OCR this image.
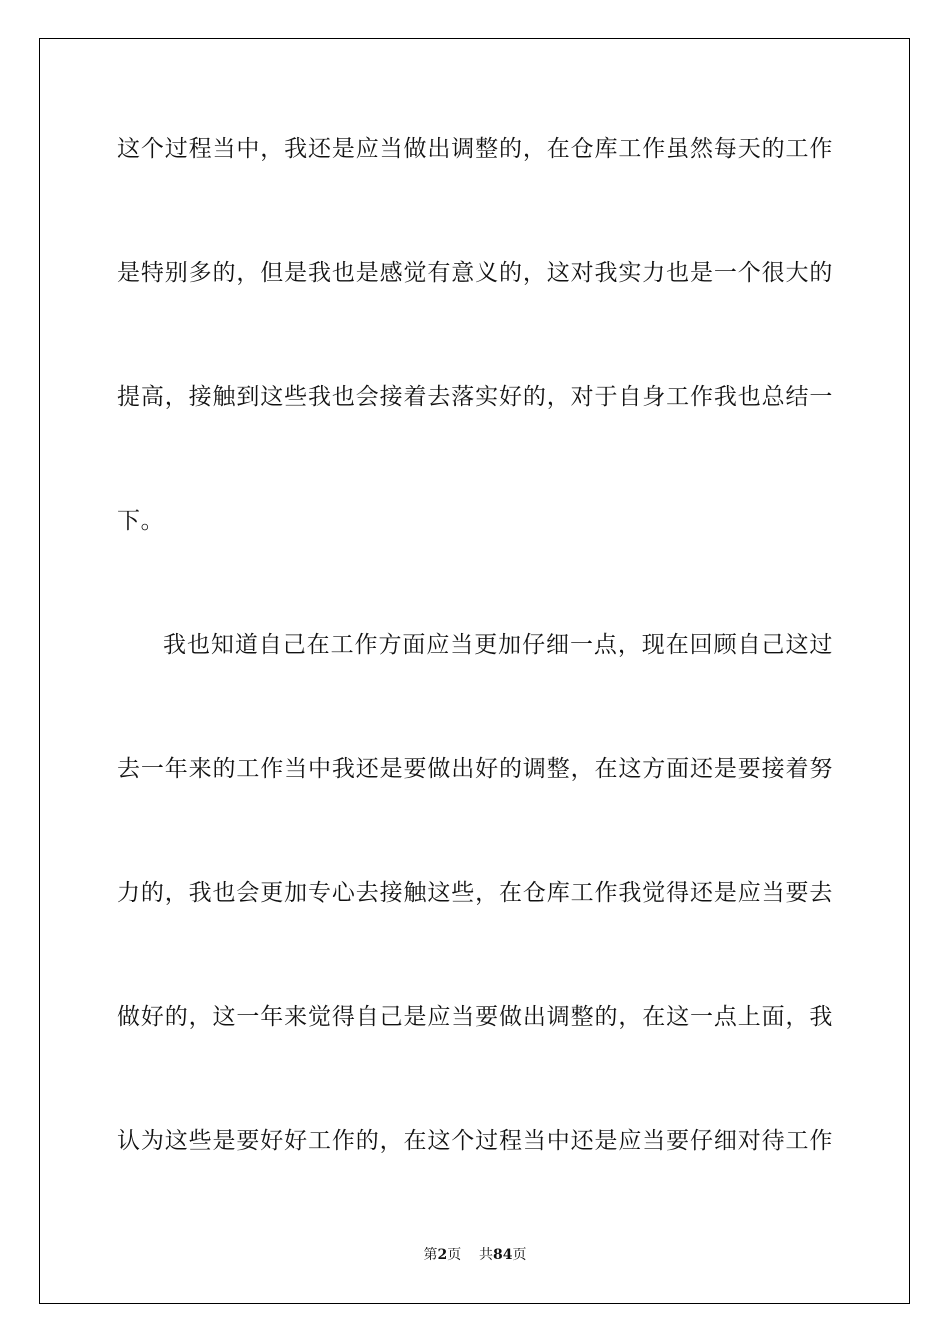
这个过程当中，我还是应当做出调整的，在仓库工作虽然每天的工作

是特别多的，但是我也是感觉有意义的，这对我实力也是一个很大的

提高，接触到这些我也会接着去落实好的，对于自身工作我也总结一

下。

我也知道自己在工作方面应当更加仔细一点，现在回顾自己这过

去一年来的工作当中我还是要做出好的调整，在这方面还是要接着努

力的，我也会更加专心去接触这些，在仓库工作我觉得还是应当要去

做好的，这一年来觉得自己是应当要做出调整的，在这一点上面，我

认为这些是要好好工作的，在这个过程当中还是应当要仔细对待工作

第2页 共84页
